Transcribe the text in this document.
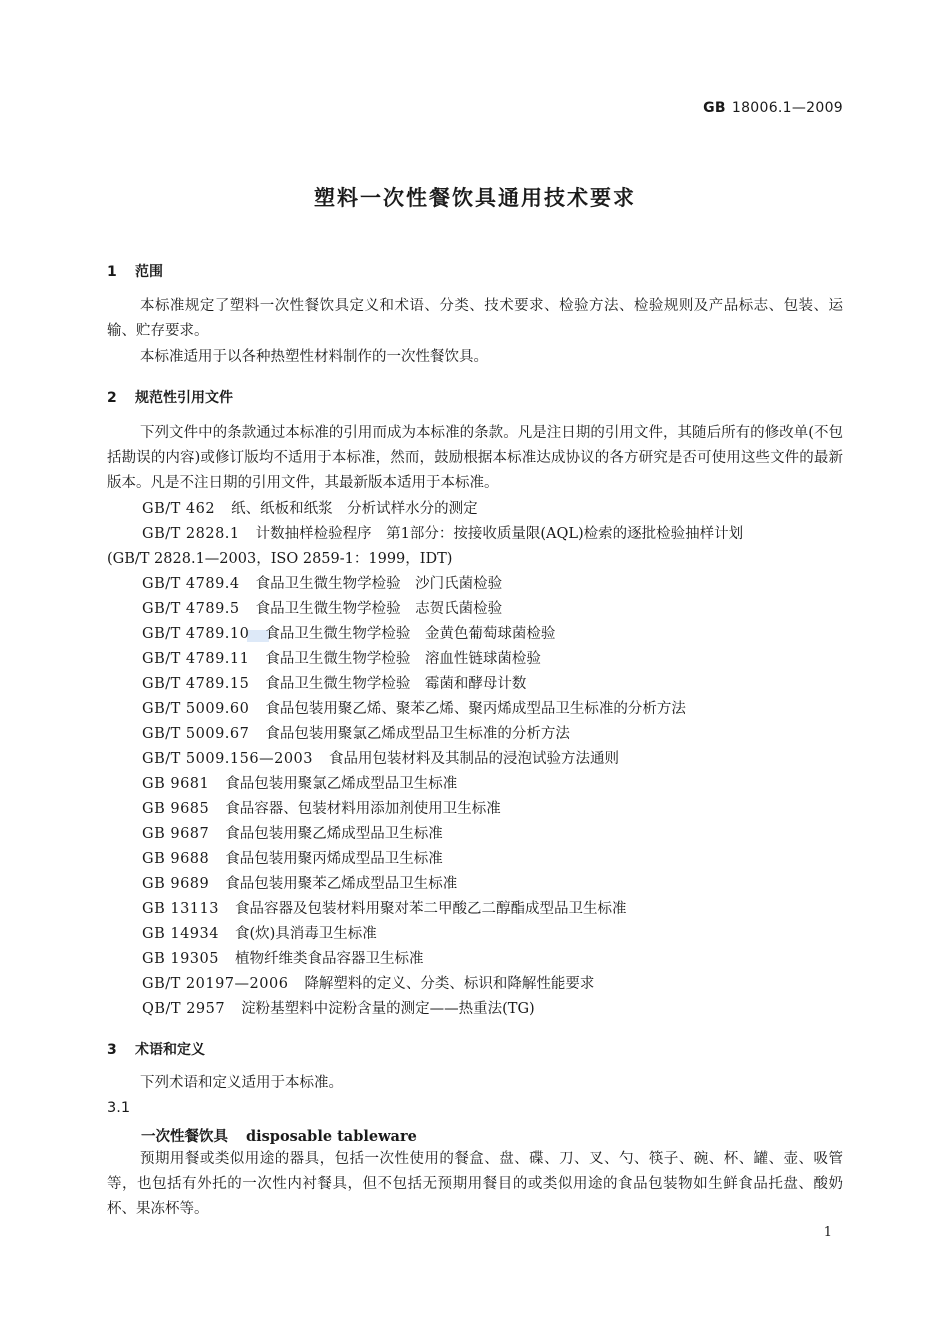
GB 18006.1—2009
塑料一次性餐饮具通用技术要求
1 范围

本标准规定了塑料一次性餐饮具定义和术语、分类、技术要求、检验方法、检验规则及产品标志、包装、运输、贮存要求。

本标准适用于以各种热塑性材料制作的一次性餐饮具。

2 规范性引用文件

下列文件中的条款通过本标准的引用而成为本标准的条款。凡是注日期的引用文件，其随后所有的修改单(不包括勘误的内容)或修订版均不适用于本标准，然而，鼓励根据本标准达成协议的各方研究是否可使用这些文件的最新版本。凡是不注日期的引用文件，其最新版本适用于本标准。

GB/T 462 纸、纸板和纸浆　分析试样水分的测定
GB/T 2828.1 计数抽样检验程序　第1部分：按接收质量限(AQL)检索的逐批检验抽样计划
(GB/T 2828.1—2003，ISO 2859-1：1999，IDT)
GB/T 4789.4 食品卫生微生物学检验　沙门氏菌检验
GB/T 4789.5 食品卫生微生物学检验　志贺氏菌检验
GB/T 4789.10 食品卫生微生物学检验　金黄色葡萄球菌检验
GB/T 4789.11 食品卫生微生物学检验　溶血性链球菌检验
GB/T 4789.15 食品卫生微生物学检验　霉菌和酵母计数
GB/T 5009.60 食品包装用聚乙烯、聚苯乙烯、聚丙烯成型品卫生标准的分析方法
GB/T 5009.67 食品包装用聚氯乙烯成型品卫生标准的分析方法
GB/T 5009.156—2003 食品用包装材料及其制品的浸泡试验方法通则
GB 9681 食品包装用聚氯乙烯成型品卫生标准
GB 9685 食品容器、包装材料用添加剂使用卫生标准
GB 9687 食品包装用聚乙烯成型品卫生标准
GB 9688 食品包装用聚丙烯成型品卫生标准
GB 9689 食品包装用聚苯乙烯成型品卫生标准
GB 13113 食品容器及包装材料用聚对苯二甲酸乙二醇酯成型品卫生标准
GB 14934 食(炊)具消毒卫生标准
GB 19305 植物纤维类食品容器卫生标准
GB/T 20197—2006 降解塑料的定义、分类、标识和降解性能要求
QB/T 2957 淀粉基塑料中淀粉含量的测定——热重法(TG)
3 术语和定义

下列术语和定义适用于本标准。

3.1
一次性餐饮具 disposable tableware

预期用餐或类似用途的器具，包括一次性使用的餐盒、盘、碟、刀、叉、勺、筷子、碗、杯、罐、壶、吸管等，也包括有外托的一次性内衬餐具，但不包括无预期用餐目的或类似用途的食品包装物如生鲜食品托盘、酸奶杯、果冻杯等。

1
